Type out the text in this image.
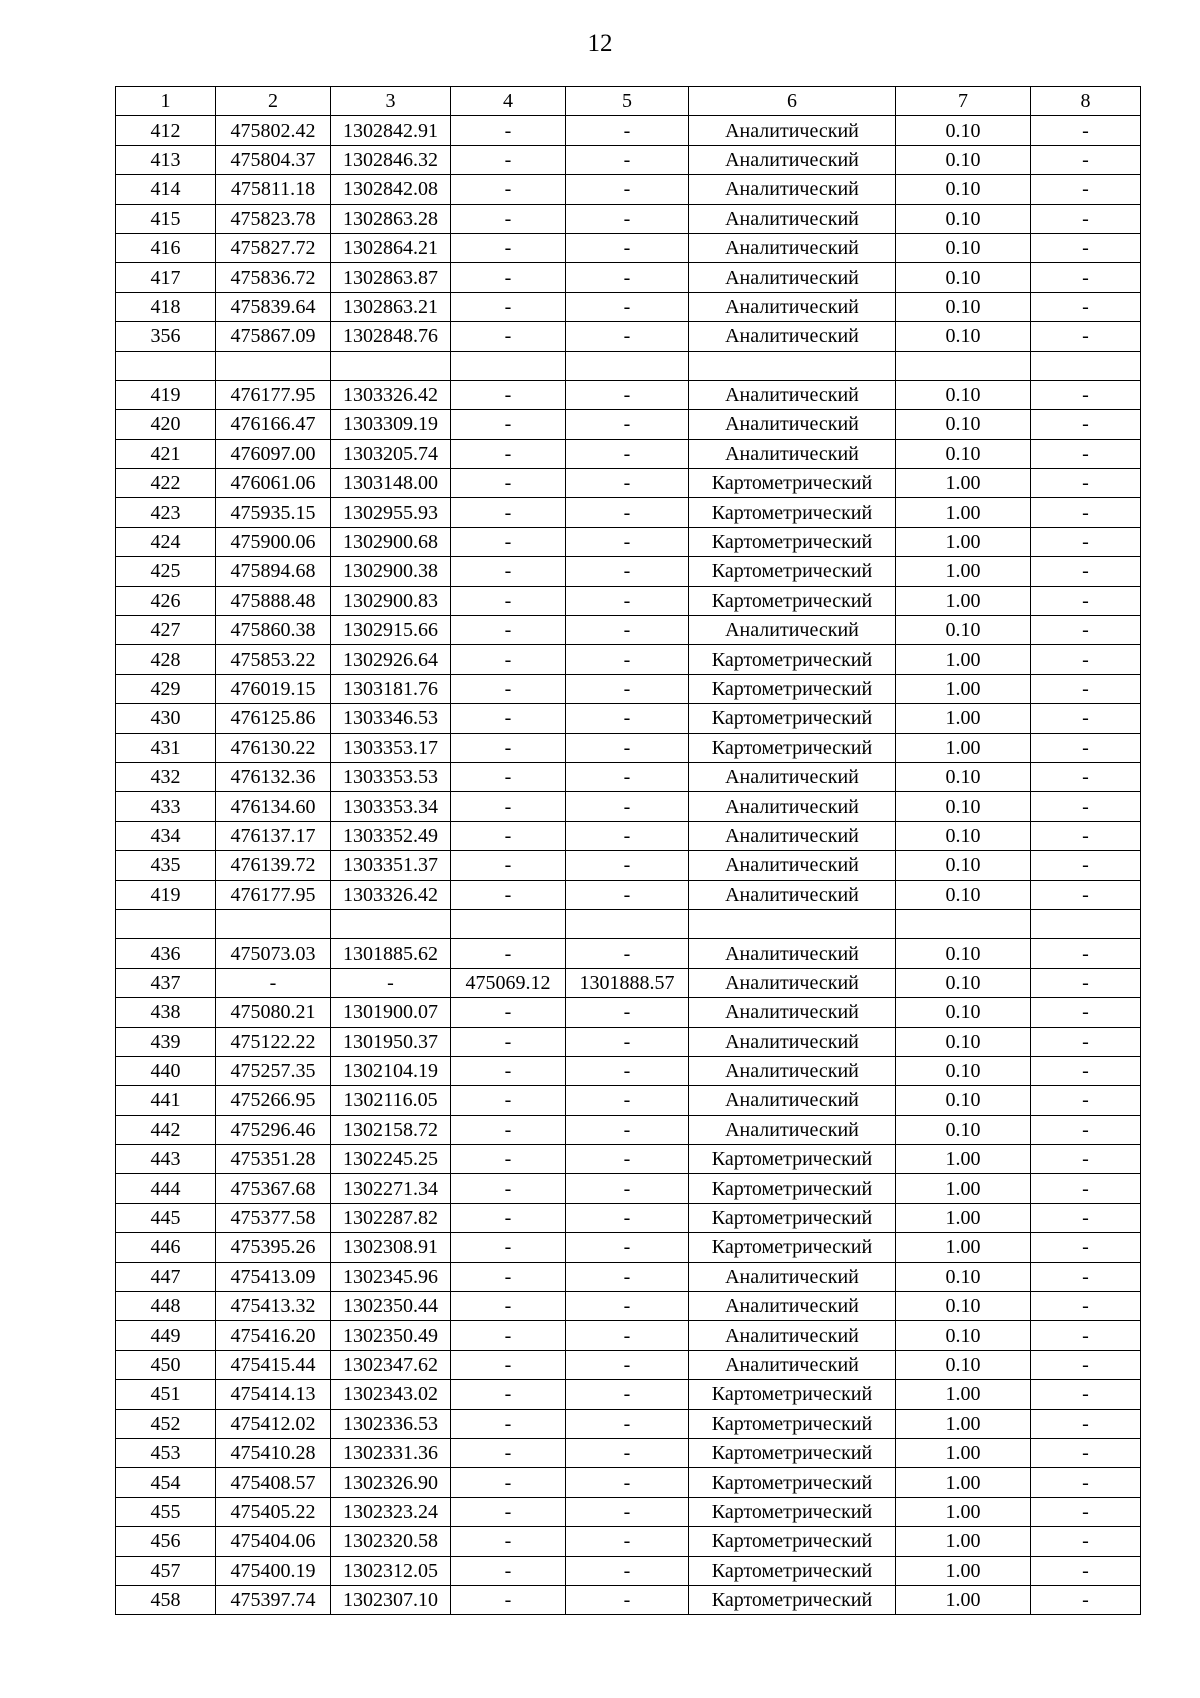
12
1	2	3	4	5	6	7	8
412	475802.42	1302842.91	-	-	Аналитический	0.10	-
413	475804.37	1302846.32	-	-	Аналитический	0.10	-
414	475811.18	1302842.08	-	-	Аналитический	0.10	-
415	475823.78	1302863.28	-	-	Аналитический	0.10	-
416	475827.72	1302864.21	-	-	Аналитический	0.10	-
417	475836.72	1302863.87	-	-	Аналитический	0.10	-
418	475839.64	1302863.21	-	-	Аналитический	0.10	-
356	475867.09	1302848.76	-	-	Аналитический	0.10	-

419	476177.95	1303326.42	-	-	Аналитический	0.10	-
420	476166.47	1303309.19	-	-	Аналитический	0.10	-
421	476097.00	1303205.74	-	-	Аналитический	0.10	-
422	476061.06	1303148.00	-	-	Картометрический	1.00	-
423	475935.15	1302955.93	-	-	Картометрический	1.00	-
424	475900.06	1302900.68	-	-	Картометрический	1.00	-
425	475894.68	1302900.38	-	-	Картометрический	1.00	-
426	475888.48	1302900.83	-	-	Картометрический	1.00	-
427	475860.38	1302915.66	-	-	Аналитический	0.10	-
428	475853.22	1302926.64	-	-	Картометрический	1.00	-
429	476019.15	1303181.76	-	-	Картометрический	1.00	-
430	476125.86	1303346.53	-	-	Картометрический	1.00	-
431	476130.22	1303353.17	-	-	Картометрический	1.00	-
432	476132.36	1303353.53	-	-	Аналитический	0.10	-
433	476134.60	1303353.34	-	-	Аналитический	0.10	-
434	476137.17	1303352.49	-	-	Аналитический	0.10	-
435	476139.72	1303351.37	-	-	Аналитический	0.10	-
419	476177.95	1303326.42	-	-	Аналитический	0.10	-

436	475073.03	1301885.62	-	-	Аналитический	0.10	-
437	-	-	475069.12	1301888.57	Аналитический	0.10	-
438	475080.21	1301900.07	-	-	Аналитический	0.10	-
439	475122.22	1301950.37	-	-	Аналитический	0.10	-
440	475257.35	1302104.19	-	-	Аналитический	0.10	-
441	475266.95	1302116.05	-	-	Аналитический	0.10	-
442	475296.46	1302158.72	-	-	Аналитический	0.10	-
443	475351.28	1302245.25	-	-	Картометрический	1.00	-
444	475367.68	1302271.34	-	-	Картометрический	1.00	-
445	475377.58	1302287.82	-	-	Картометрический	1.00	-
446	475395.26	1302308.91	-	-	Картометрический	1.00	-
447	475413.09	1302345.96	-	-	Аналитический	0.10	-
448	475413.32	1302350.44	-	-	Аналитический	0.10	-
449	475416.20	1302350.49	-	-	Аналитический	0.10	-
450	475415.44	1302347.62	-	-	Аналитический	0.10	-
451	475414.13	1302343.02	-	-	Картометрический	1.00	-
452	475412.02	1302336.53	-	-	Картометрический	1.00	-
453	475410.28	1302331.36	-	-	Картометрический	1.00	-
454	475408.57	1302326.90	-	-	Картометрический	1.00	-
455	475405.22	1302323.24	-	-	Картометрический	1.00	-
456	475404.06	1302320.58	-	-	Картометрический	1.00	-
457	475400.19	1302312.05	-	-	Картометрический	1.00	-
458	475397.74	1302307.10	-	-	Картометрический	1.00	-
